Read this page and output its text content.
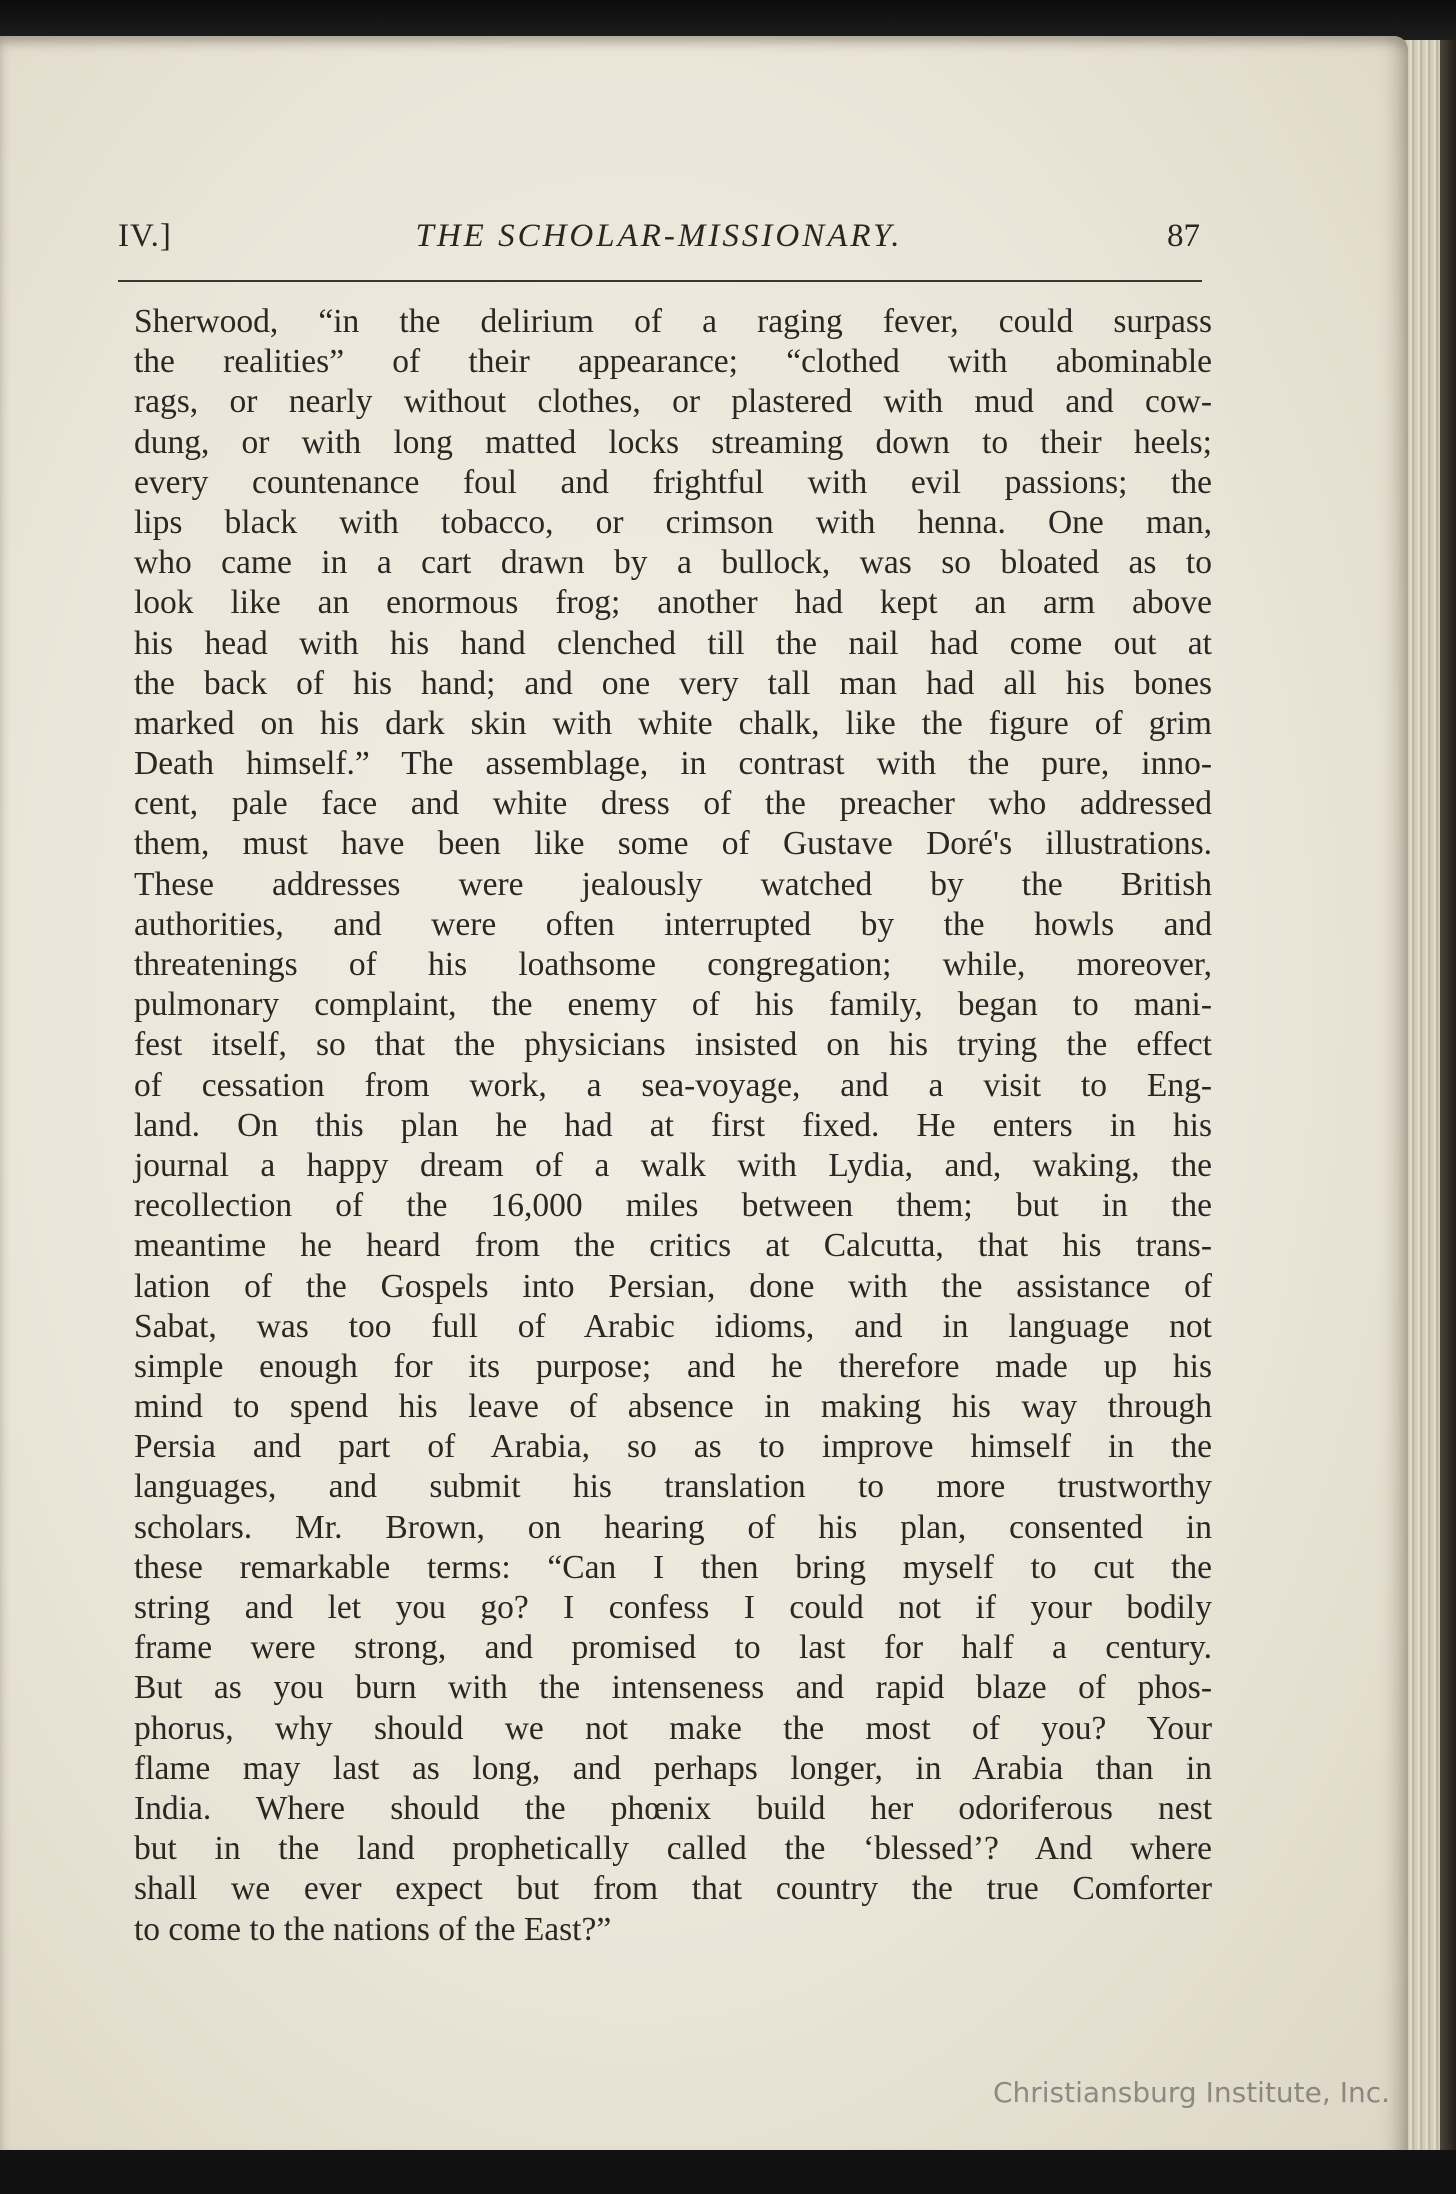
IV.]	THE SCHOLAR-MISSIONARY.	87
Sherwood, “in the delirium of a raging fever, could surpass
the realities” of their appearance; “clothed with abominable
rags, or nearly without clothes, or plastered with mud and cow-
dung, or with long matted locks streaming down to their heels;
every countenance foul and frightful with evil passions; the
lips black with tobacco, or crimson with henna. One man,
who came in a cart drawn by a bullock, was so bloated as to
look like an enormous frog; another had kept an arm above
his head with his hand clenched till the nail had come out at
the back of his hand; and one very tall man had all his bones
marked on his dark skin with white chalk, like the figure of grim
Death himself.” The assemblage, in contrast with the pure, inno-
cent, pale face and white dress of the preacher who addressed
them, must have been like some of Gustave Doré's illustrations.
These addresses were jealously watched by the British
authorities, and were often interrupted by the howls and
threatenings of his loathsome congregation; while, moreover,
pulmonary complaint, the enemy of his family, began to mani-
fest itself, so that the physicians insisted on his trying the effect
of cessation from work, a sea-voyage, and a visit to Eng-
land. On this plan he had at first fixed. He enters in his
journal a happy dream of a walk with Lydia, and, waking, the
recollection of the 16,000 miles between them; but in the
meantime he heard from the critics at Calcutta, that his trans-
lation of the Gospels into Persian, done with the assistance of
Sabat, was too full of Arabic idioms, and in language not
simple enough for its purpose; and he therefore made up his
mind to spend his leave of absence in making his way through
Persia and part of Arabia, so as to improve himself in the
languages, and submit his translation to more trustworthy
scholars. Mr. Brown, on hearing of his plan, consented in
these remarkable terms: “Can I then bring myself to cut the
string and let you go? I confess I could not if your bodily
frame were strong, and promised to last for half a century.
But as you burn with the intenseness and rapid blaze of phos-
phorus, why should we not make the most of you? Your
flame may last as long, and perhaps longer, in Arabia than in
India. Where should the phœnix build her odoriferous nest
but in the land prophetically called the ‘blessed’? And where
shall we ever expect but from that country the true Comforter
to come to the nations of the East?”
Christiansburg Institute, Inc.
